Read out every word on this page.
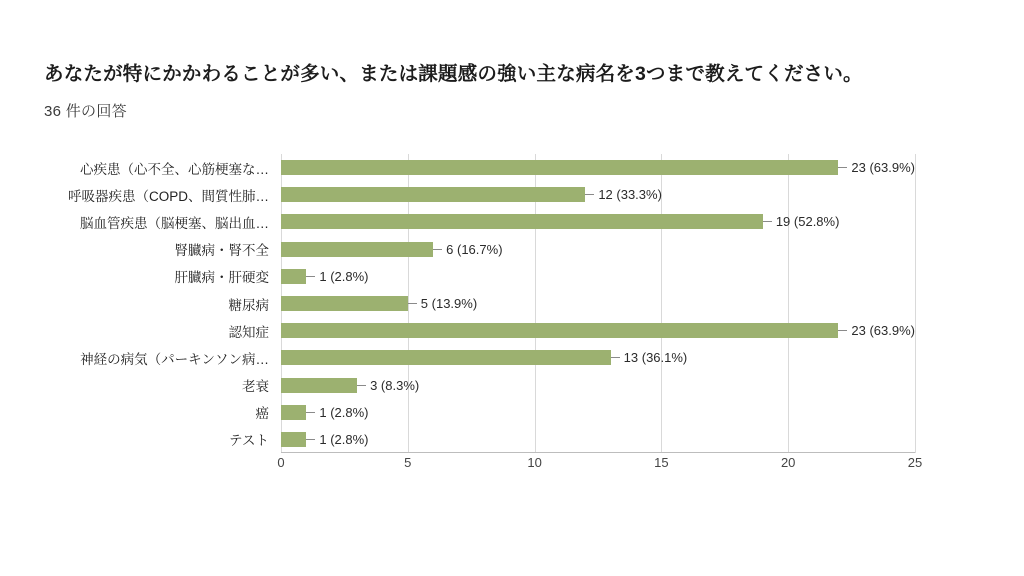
あなたが特にかかわることが多い、または課題感の強い主な病名を3つまで教えてください。
36 件の回答
心疾患（心不全、心筋梗塞な…
呼吸器疾患（COPD、間質性肺…
脳血管疾患（脳梗塞、脳出血…
腎臓病・腎不全
肝臓病・肝硬変
糖尿病
認知症
神経の病気（パーキンソン病…
老衰
癌
テスト
23 (63.9%)
12 (33.3%)
19 (52.8%)
6 (16.7%)
1 (2.8%)
5 (13.9%)
23 (63.9%)
13 (36.1%)
3 (8.3%)
1 (2.8%)
1 (2.8%)
0	5	10	15	20	25
